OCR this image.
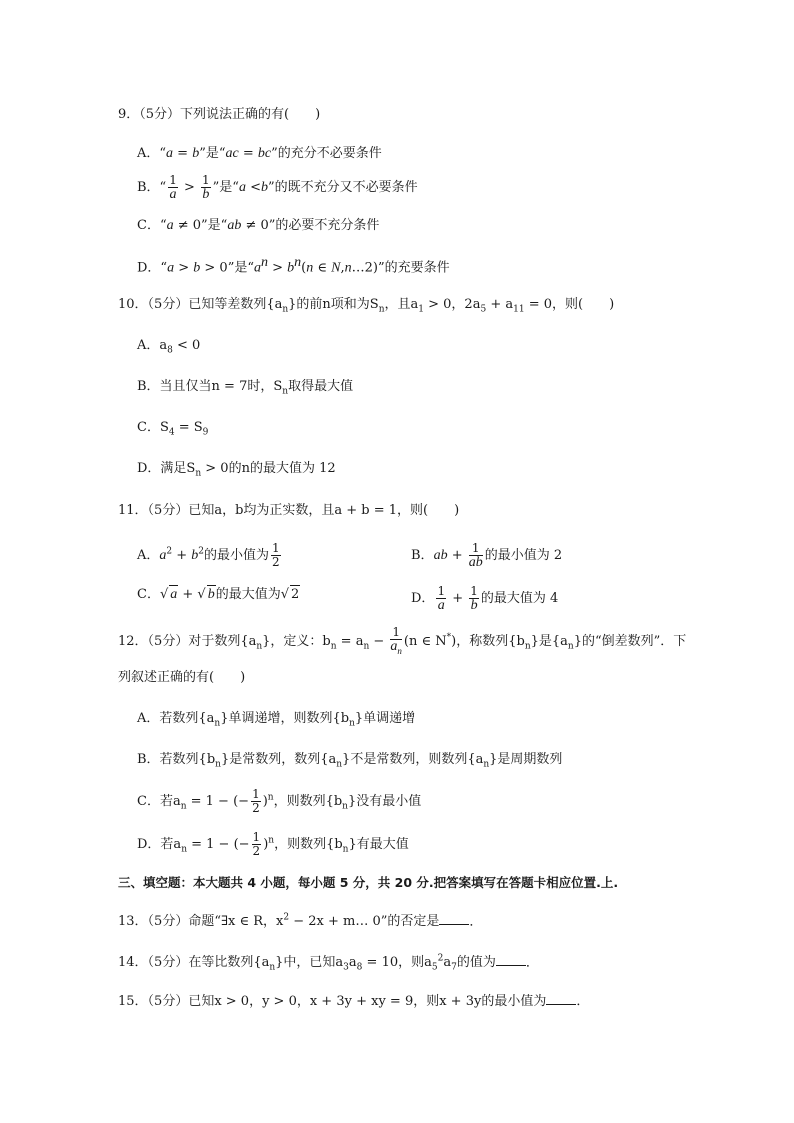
9．（5分）下列说法正确的有(　　)
A．“a = b”是“ac = bc”的充分不必要条件
B．“ $\frac{1}{a} > \frac{1}{b}$ ”是“a <b”的既不充分又不必要条件
C．“a ≠ 0”是“ab ≠ 0”的必要不充分条件
D．“a > b > 0”是“$a^n > b^n(n$ ∈ N,n…2)”的充要条件
10．（5分）已知等差数列$\{a_n\}$的前n项和为$S_n$，且$a_1 > 0$，$2a_5 + a_{11} = 0$，则(　　)
A．$a_8 < 0$
B．当且仅当n = 7时，$S_n$取得最大值
C．$S_4 = S_9$
D．满足$S_n > 0$的n的最大值为 12
11．（5分）已知a，b均为正实数，且a + b = 1，则(　　)
A．$a^2 + b^2$的最小值为 $\frac{1}{2}$	B．ab + $\frac{1}{ab}$ 的最小值为 2
C．√ a + √ b的最大值为√ 2	D． $\frac{1}{a} + \frac{1}{b}$ 的最大值为 4
12．（5分）对于数列$\{a_n\}$，定义：$b_n = a_n - \frac{1}{a_n} (n$ ∈ N*)，称数列$\{b_n\}$是$\{a_n\}$的“倒差数列”．下
列叙述正确的有(　　)
A．若数列$\{a_n\}$单调递增，则数列$\{b_n\}$单调递增
B．若数列$\{b_n\}$是常数列，数列$\{a_n\}$不是常数列，则数列$\{a_n\}$是周期数列
C．若$a_n = 1$ − (− $\frac{1}{2} )^n$，则数列$\{b_n\}$没有最小值
D．若$a_n = 1$ − (− $\frac{1}{2} )^n$，则数列$\{b_n\}$有最大值
三、填空题：本大题共 4 小题，每小题 5 分，共 20 分.把答案填写在答题卡相应位置.上.
13．（5分）命题“∃x ∈ R，$x^2 - 2x$ + m… 0”的否定是 ．
14．（5分）在等比数列$\{a_n\}$中，已知$a_3a_8 = 10$，则$a_5^2a_7$的值为 ．
15．（5分）已知x > 0，y > 0，x + 3y + xy = 9，则x + 3y的最小值为 ．
